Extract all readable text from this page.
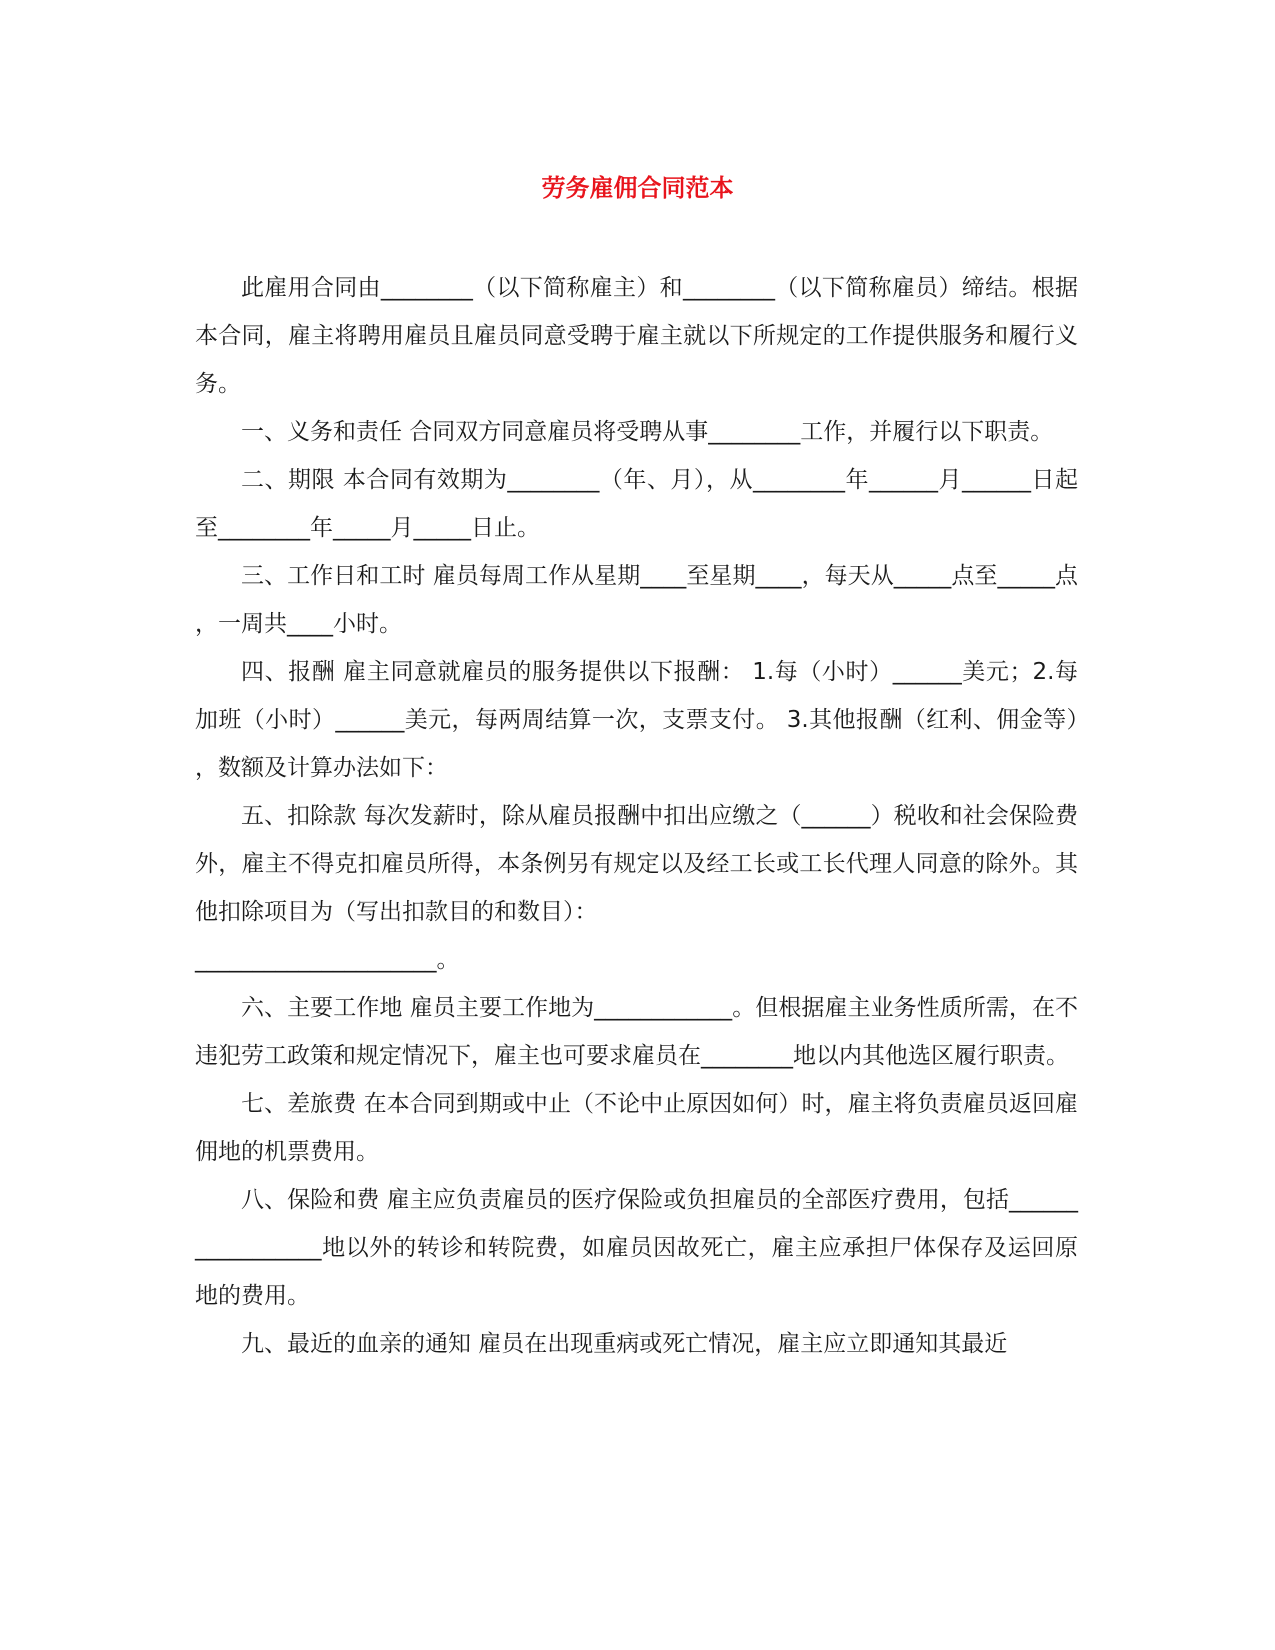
劳务雇佣合同范本

此雇用合同由________（以下简称雇主）和________（以下简称雇员）缔结。根据本合同，雇主将聘用雇员且雇员同意受聘于雇主就以下所规定的工作提供服务和履行义务。

一、义务和责任 合同双方同意雇员将受聘从事________工作，并履行以下职责。

二、期限 本合同有效期为________（年、月），从________年______月______日起至________年_____月_____日止。

三、工作日和工时 雇员每周工作从星期____至星期____，每天从_____点至_____点，一周共____小时。

四、报酬 雇主同意就雇员的服务提供以下报酬： 1.每（小时）______美元；2.每加班（小时）______美元，每两周结算一次，支票支付。 3.其他报酬（红利、佣金等），数额及计算办法如下：

五、扣除款 每次发薪时，除从雇员报酬中扣出应缴之（______）税收和社会保险费外，雇主不得克扣雇员所得，本条例另有规定以及经工长或工长代理人同意的除外。其他扣除项目为（写出扣款目的和数目）：

_____________________。

六、主要工作地 雇员主要工作地为____________。但根据雇主业务性质所需，在不违犯劳工政策和规定情况下，雇主也可要求雇员在________地以内其他选区履行职责。

七、差旅费 在本合同到期或中止（不论中止原因如何）时，雇主将负责雇员返回雇佣地的机票费用。

八、保险和费 雇主应负责雇员的医疗保险或负担雇员的全部医疗费用，包括_________________地以外的转诊和转院费，如雇员因故死亡，雇主应承担尸体保存及运回原地的费用。

九、最近的血亲的通知 雇员在出现重病或死亡情况，雇主应立即通知其最近
